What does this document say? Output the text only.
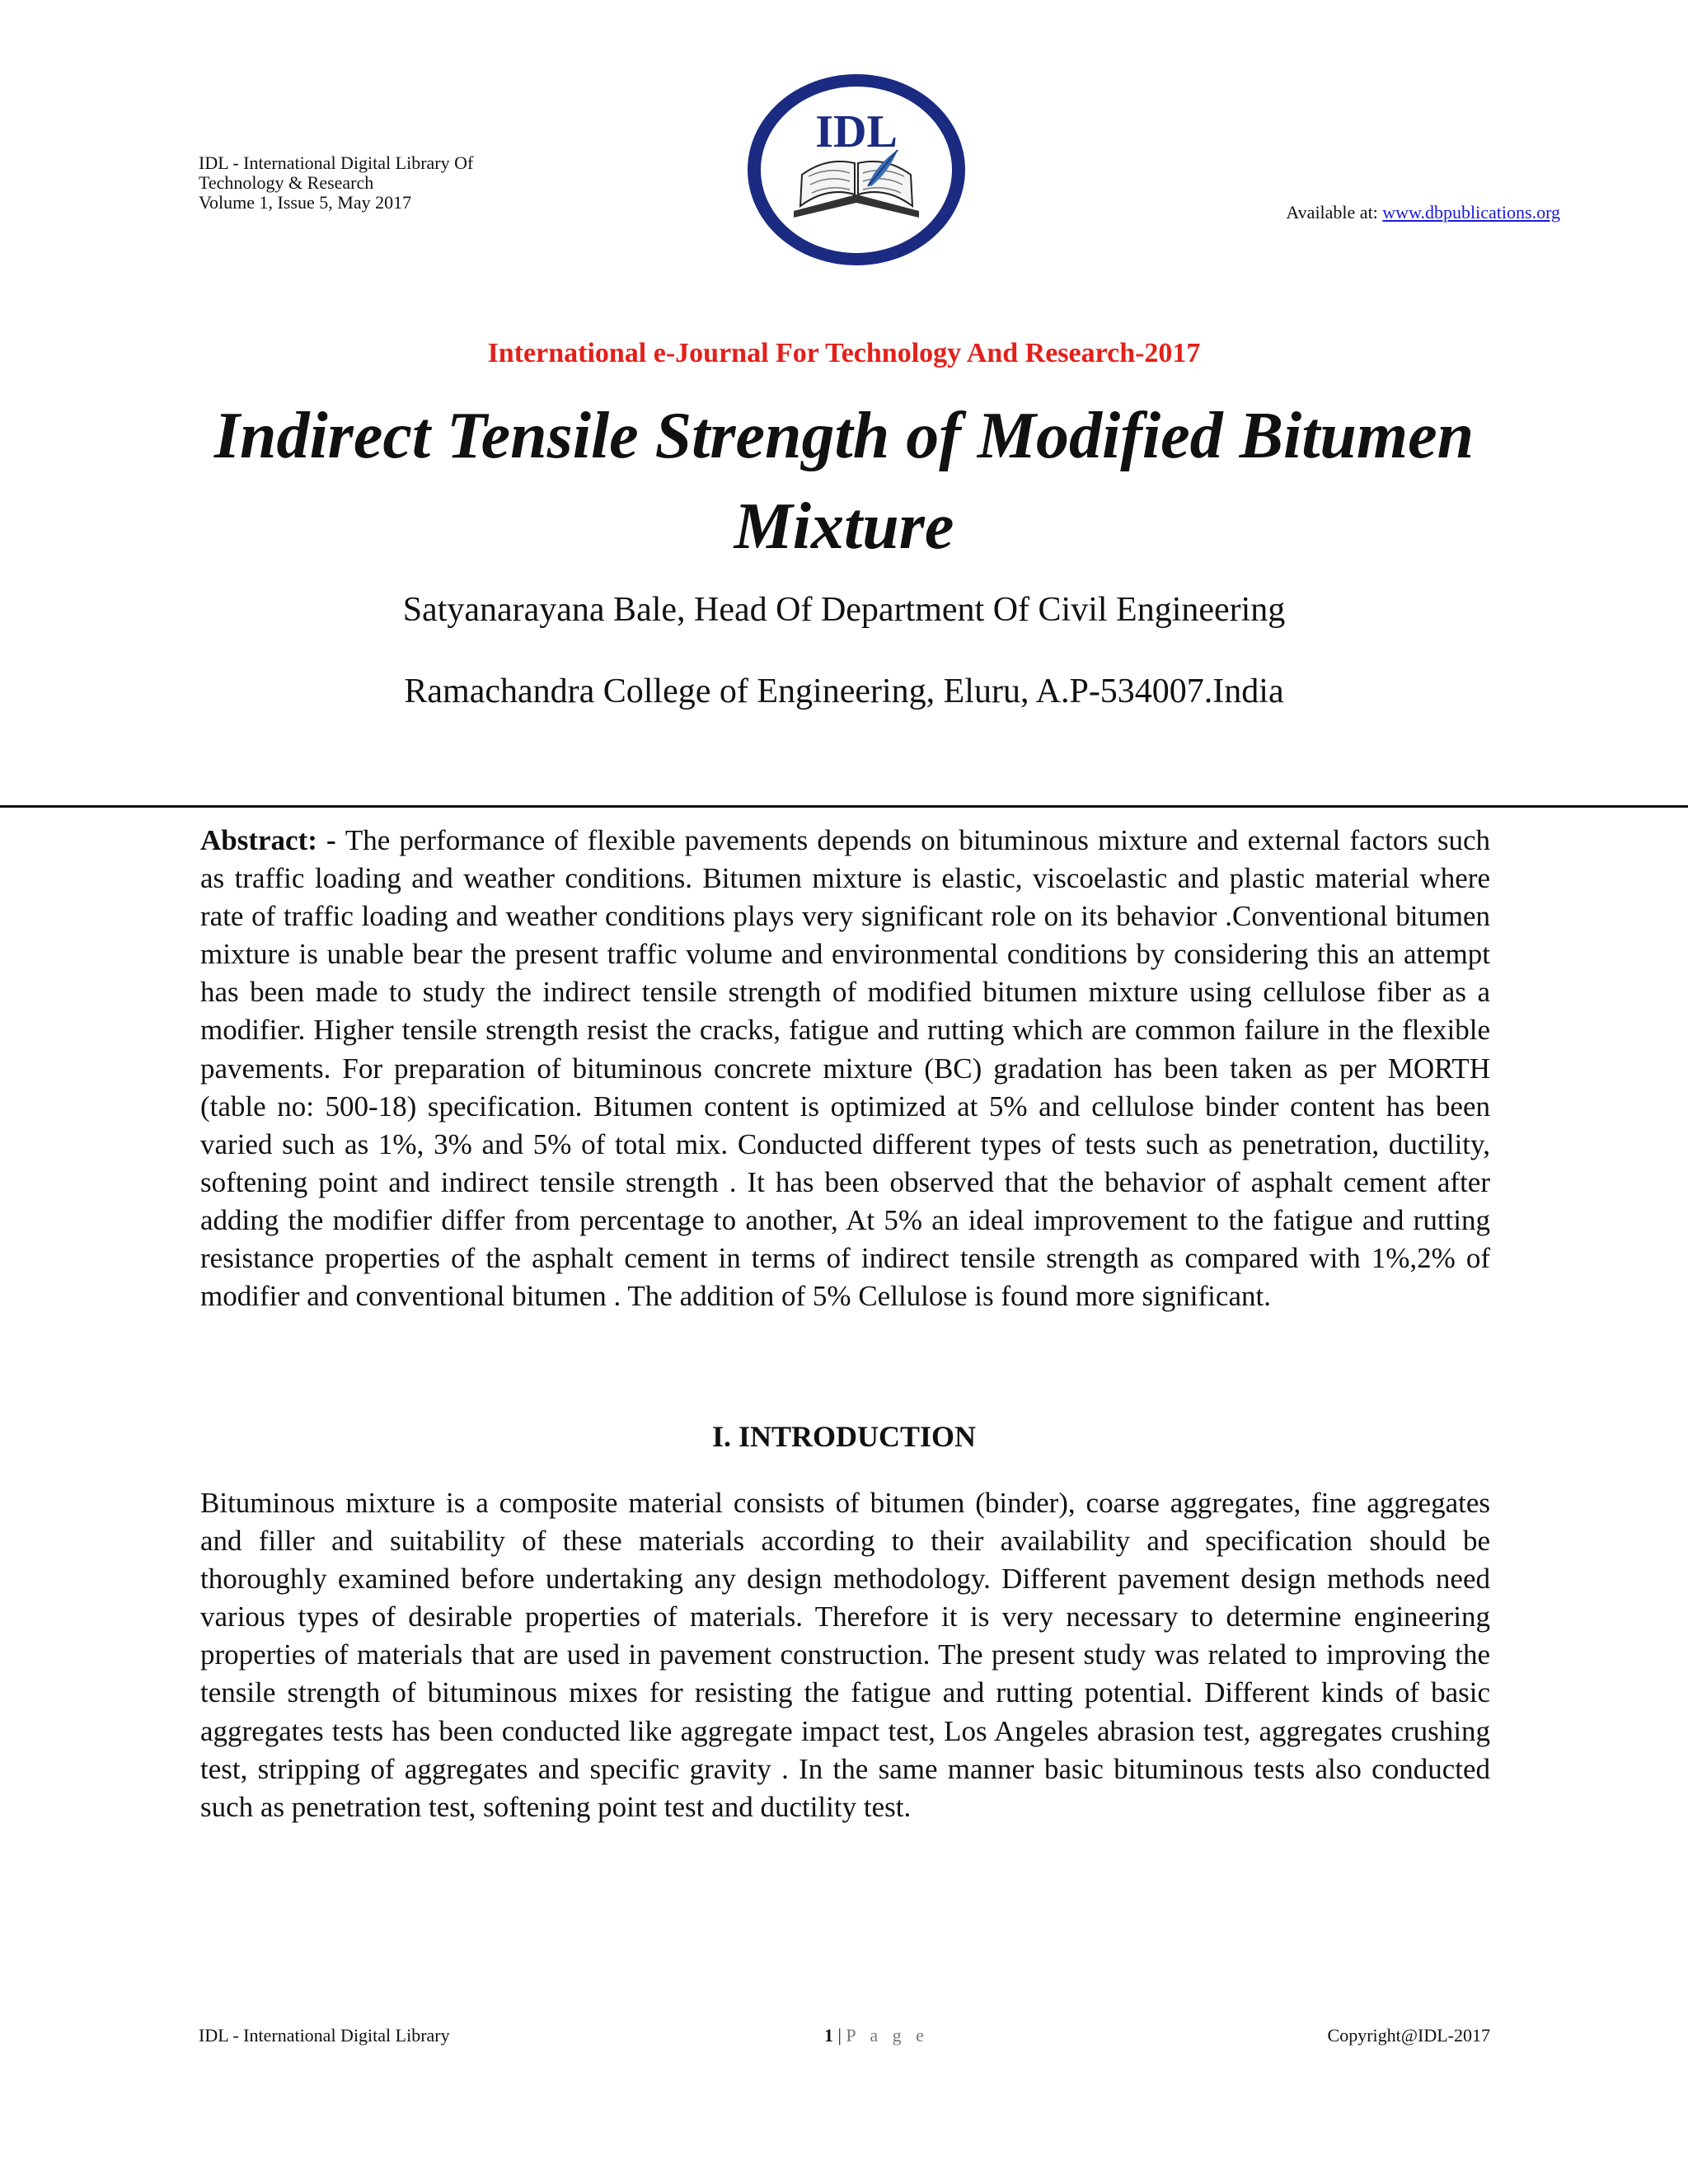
IDL - International Digital Library Of
Technology & Research
Volume 1, Issue 5, May 2017
IDL
Available at: www.dbpublications.org
International e-Journal For Technology And Research-2017
Indirect Tensile Strength of Modified Bitumen Mixture
Satyanarayana Bale, Head Of Department Of Civil Engineering
Ramachandra College of Engineering, Eluru, A.P-534007.India
Abstract: - The performance of flexible pavements depends on bituminous mixture and external factors such as traffic loading and weather conditions. Bitumen mixture is elastic, viscoelastic and plastic material where rate of traffic loading and weather conditions plays very significant role on its behavior .Conventional bitumen mixture is unable bear the present traffic volume and environmental conditions by considering this an attempt has been made to study the indirect tensile strength of modified bitumen mixture using cellulose fiber as a modifier. Higher tensile strength resist the cracks, fatigue and rutting which are common failure in the flexible pavements. For preparation of bituminous concrete mixture (BC) gradation has been taken as per MORTH (table no: 500-18) specification. Bitumen content is optimized at 5% and cellulose binder content has been varied such as 1%, 3% and 5% of total mix. Conducted different types of tests such as penetration, ductility, softening point and indirect tensile strength . It has been observed that the behavior of asphalt cement after adding the modifier differ from percentage to another, At 5% an ideal improvement to the fatigue and rutting resistance properties of the asphalt cement in terms of indirect tensile strength as compared with 1%,2% of modifier and conventional bitumen . The addition of 5% Cellulose is found more significant.
I. INTRODUCTION
Bituminous mixture is a composite material consists of bitumen (binder), coarse aggregates, fine aggregates and filler and suitability of these materials according to their availability and specification should be thoroughly examined before undertaking any design methodology. Different pavement design methods need various types of desirable properties of materials. Therefore it is very necessary to determine engineering properties of materials that are used in pavement construction. The present study was related to improving the tensile strength of bituminous mixes for resisting the fatigue and rutting potential. Different kinds of basic aggregates tests has been conducted like aggregate impact test, Los Angeles abrasion test, aggregates crushing test, stripping of aggregates and specific gravity . In the same manner basic bituminous tests also conducted such as penetration test, softening point test and ductility test.
IDL - International Digital Library	1 | P a g e	Copyright@IDL-2017
